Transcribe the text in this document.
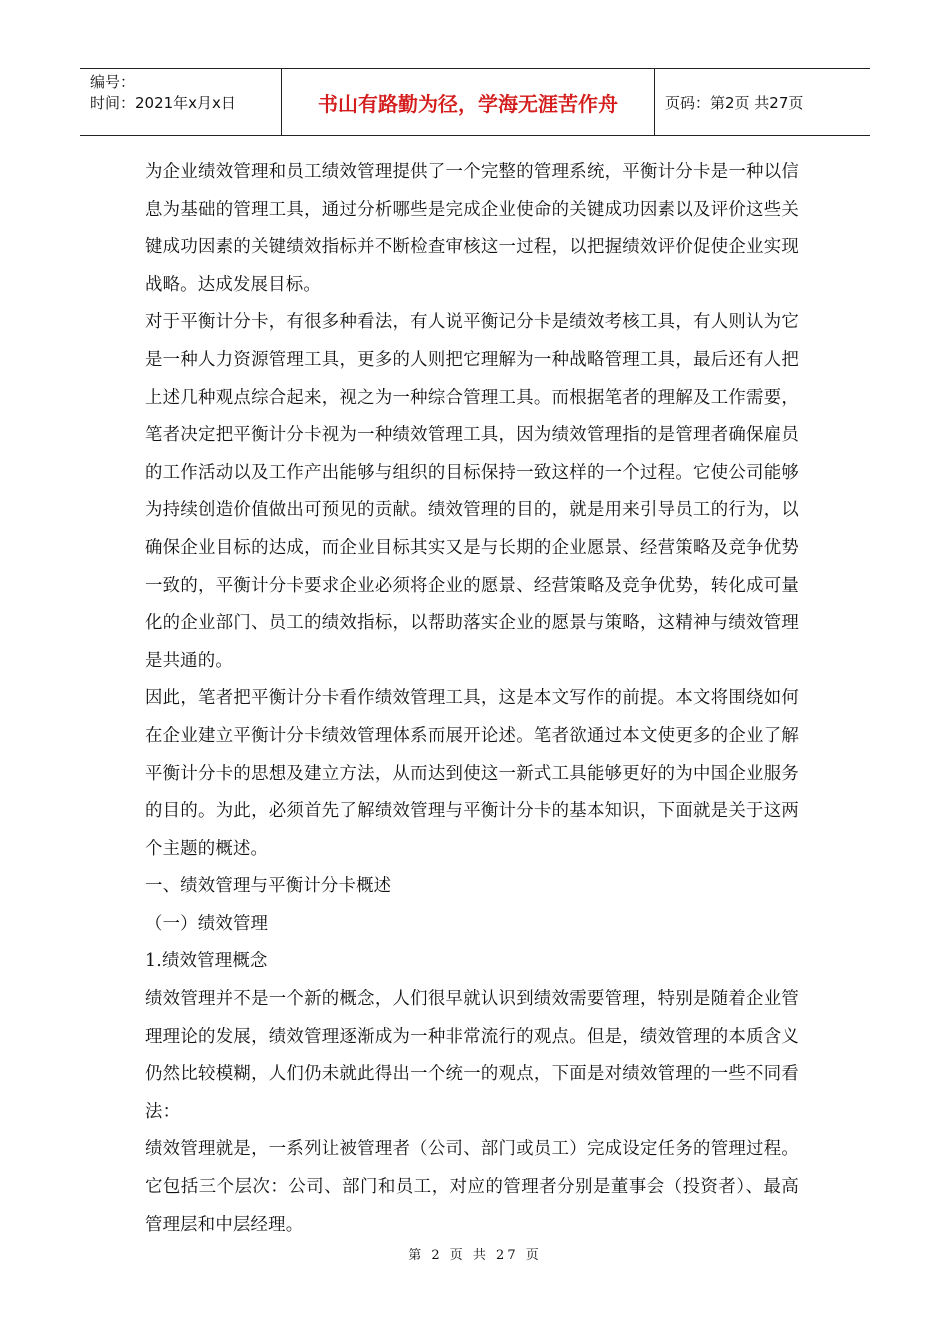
编号：
时间：2021年x月x日	书山有路勤为径，学海无涯苦作舟	页码：第2页 共27页

为企业绩效管理和员工绩效管理提供了一个完整的管理系统，平衡计分卡是一种以信息为基础的管理工具，通过分析哪些是完成企业使命的关键成功因素以及评价这些关键成功因素的关键绩效指标并不断检查审核这一过程，以把握绩效评价促使企业实现战略。达成发展目标。

对于平衡计分卡，有很多种看法，有人说平衡记分卡是绩效考核工具，有人则认为它是一种人力资源管理工具，更多的人则把它理解为一种战略管理工具，最后还有人把上述几种观点综合起来，视之为一种综合管理工具。而根据笔者的理解及工作需要，笔者决定把平衡计分卡视为一种绩效管理工具，因为绩效管理指的是管理者确保雇员的工作活动以及工作产出能够与组织的目标保持一致这样的一个过程。它使公司能够为持续创造价值做出可预见的贡献。绩效管理的目的，就是用来引导员工的行为，以确保企业目标的达成，而企业目标其实又是与长期的企业愿景、经营策略及竞争优势一致的，平衡计分卡要求企业必须将企业的愿景、经营策略及竞争优势，转化成可量化的企业部门、员工的绩效指标，以帮助落实企业的愿景与策略，这精神与绩效管理是共通的。

因此，笔者把平衡计分卡看作绩效管理工具，这是本文写作的前提。本文将围绕如何在企业建立平衡计分卡绩效管理体系而展开论述。笔者欲通过本文使更多的企业了解平衡计分卡的思想及建立方法，从而达到使这一新式工具能够更好的为中国企业服务的目的。为此，必须首先了解绩效管理与平衡计分卡的基本知识，下面就是关于这两个主题的概述。

一、绩效管理与平衡计分卡概述

（一）绩效管理

1.绩效管理概念

绩效管理并不是一个新的概念，人们很早就认识到绩效需要管理，特别是随着企业管理理论的发展，绩效管理逐渐成为一种非常流行的观点。但是，绩效管理的本质含义仍然比较模糊，人们仍未就此得出一个统一的观点，下面是对绩效管理的一些不同看法：

绩效管理就是，一系列让被管理者（公司、部门或员工）完成设定任务的管理过程。它包括三个层次：公司、部门和员工，对应的管理者分别是董事会（投资者）、最高管理层和中层经理。

第 2 页 共 27 页
